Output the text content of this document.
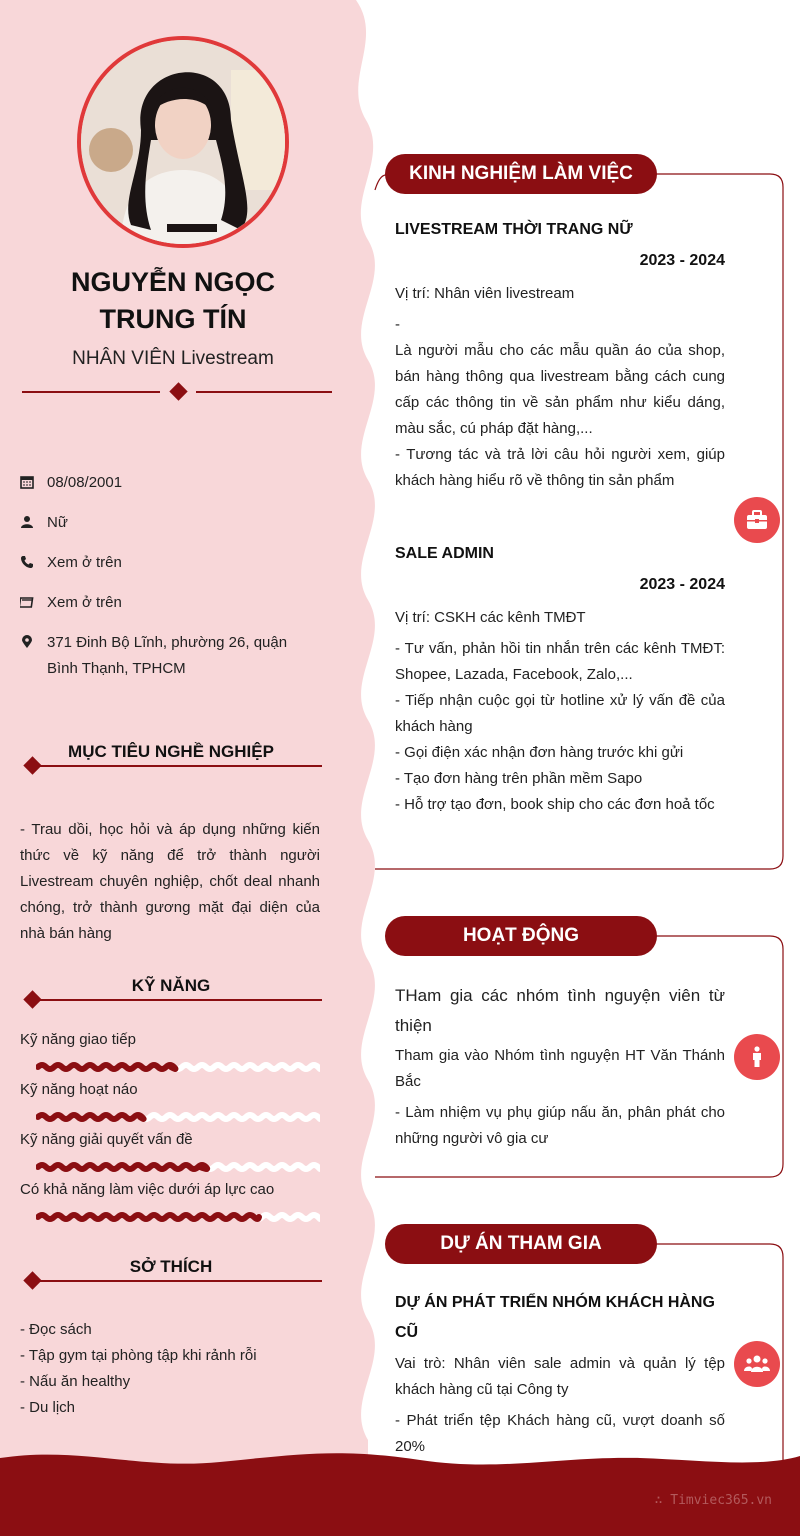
NGUYỄN NGỌC
TRUNG TÍN
NHÂN VIÊN Livestream
08/08/2001
Nữ
Xem ở trên
Xem ở trên
371 Đinh Bộ Lĩnh, phường 26, quận
Bình Thạnh, TPHCM
MỤC TIÊU NGHỀ NGHIỆP
- Trau dồi, học hỏi và áp dụng những kiến thức về kỹ năng để trở thành người Livestream chuyên nghiệp, chốt deal nhanh chóng, trở thành gương mặt đại diện của nhà bán hàng
KỸ NĂNG
Kỹ năng giao tiếp
Kỹ năng hoạt náo
Kỹ năng giải quyết vấn đề
Có khả năng làm việc dưới áp lực cao
SỞ THÍCH
- Đọc sách
- Tập gym tại phòng tập khi rảnh rỗi
- Nấu ăn healthy
- Du lịch
KINH NGHIỆM LÀM VIỆC
LIVESTREAM THỜI TRANG NỮ
2023 - 2024
Vị trí: Nhân viên livestream
-
Là người mẫu cho các mẫu quần áo của shop, bán hàng thông qua livestream bằng cách cung cấp các thông tin về sản phẩm như kiểu dáng, màu sắc, cú pháp đặt hàng,...
- Tương tác và trả lời câu hỏi người xem, giúp khách hàng hiểu rõ về thông tin sản phẩm
SALE ADMIN
2023 - 2024
Vị trí: CSKH các kênh TMĐT
- Tư vấn, phản hồi tin nhắn trên các kênh TMĐT: Shopee, Lazada, Facebook, Zalo,...
- Tiếp nhận cuộc gọi từ hotline xử lý vấn đề của khách hàng
- Gọi điện xác nhận đơn hàng trước khi gửi
- Tạo đơn hàng trên phần mềm Sapo
- Hỗ trợ tạo đơn, book ship cho các đơn hoả tốc
HOẠT ĐỘNG
THam gia các nhóm tình nguyện viên từ thiện
Tham gia vào Nhóm tình nguyện HT Văn Thánh Bắc
- Làm nhiệm vụ phụ giúp nấu ăn, phân phát cho những người vô gia cư
DỰ ÁN THAM GIA
DỰ ÁN PHÁT TRIỂN NHÓM KHÁCH HÀNG CŨ
Vai trò: Nhân viên sale admin và quản lý tệp khách hàng cũ tại Công ty
- Phát triển tệp Khách hàng cũ, vượt doanh số 20%
∴ Timviec365.vn
